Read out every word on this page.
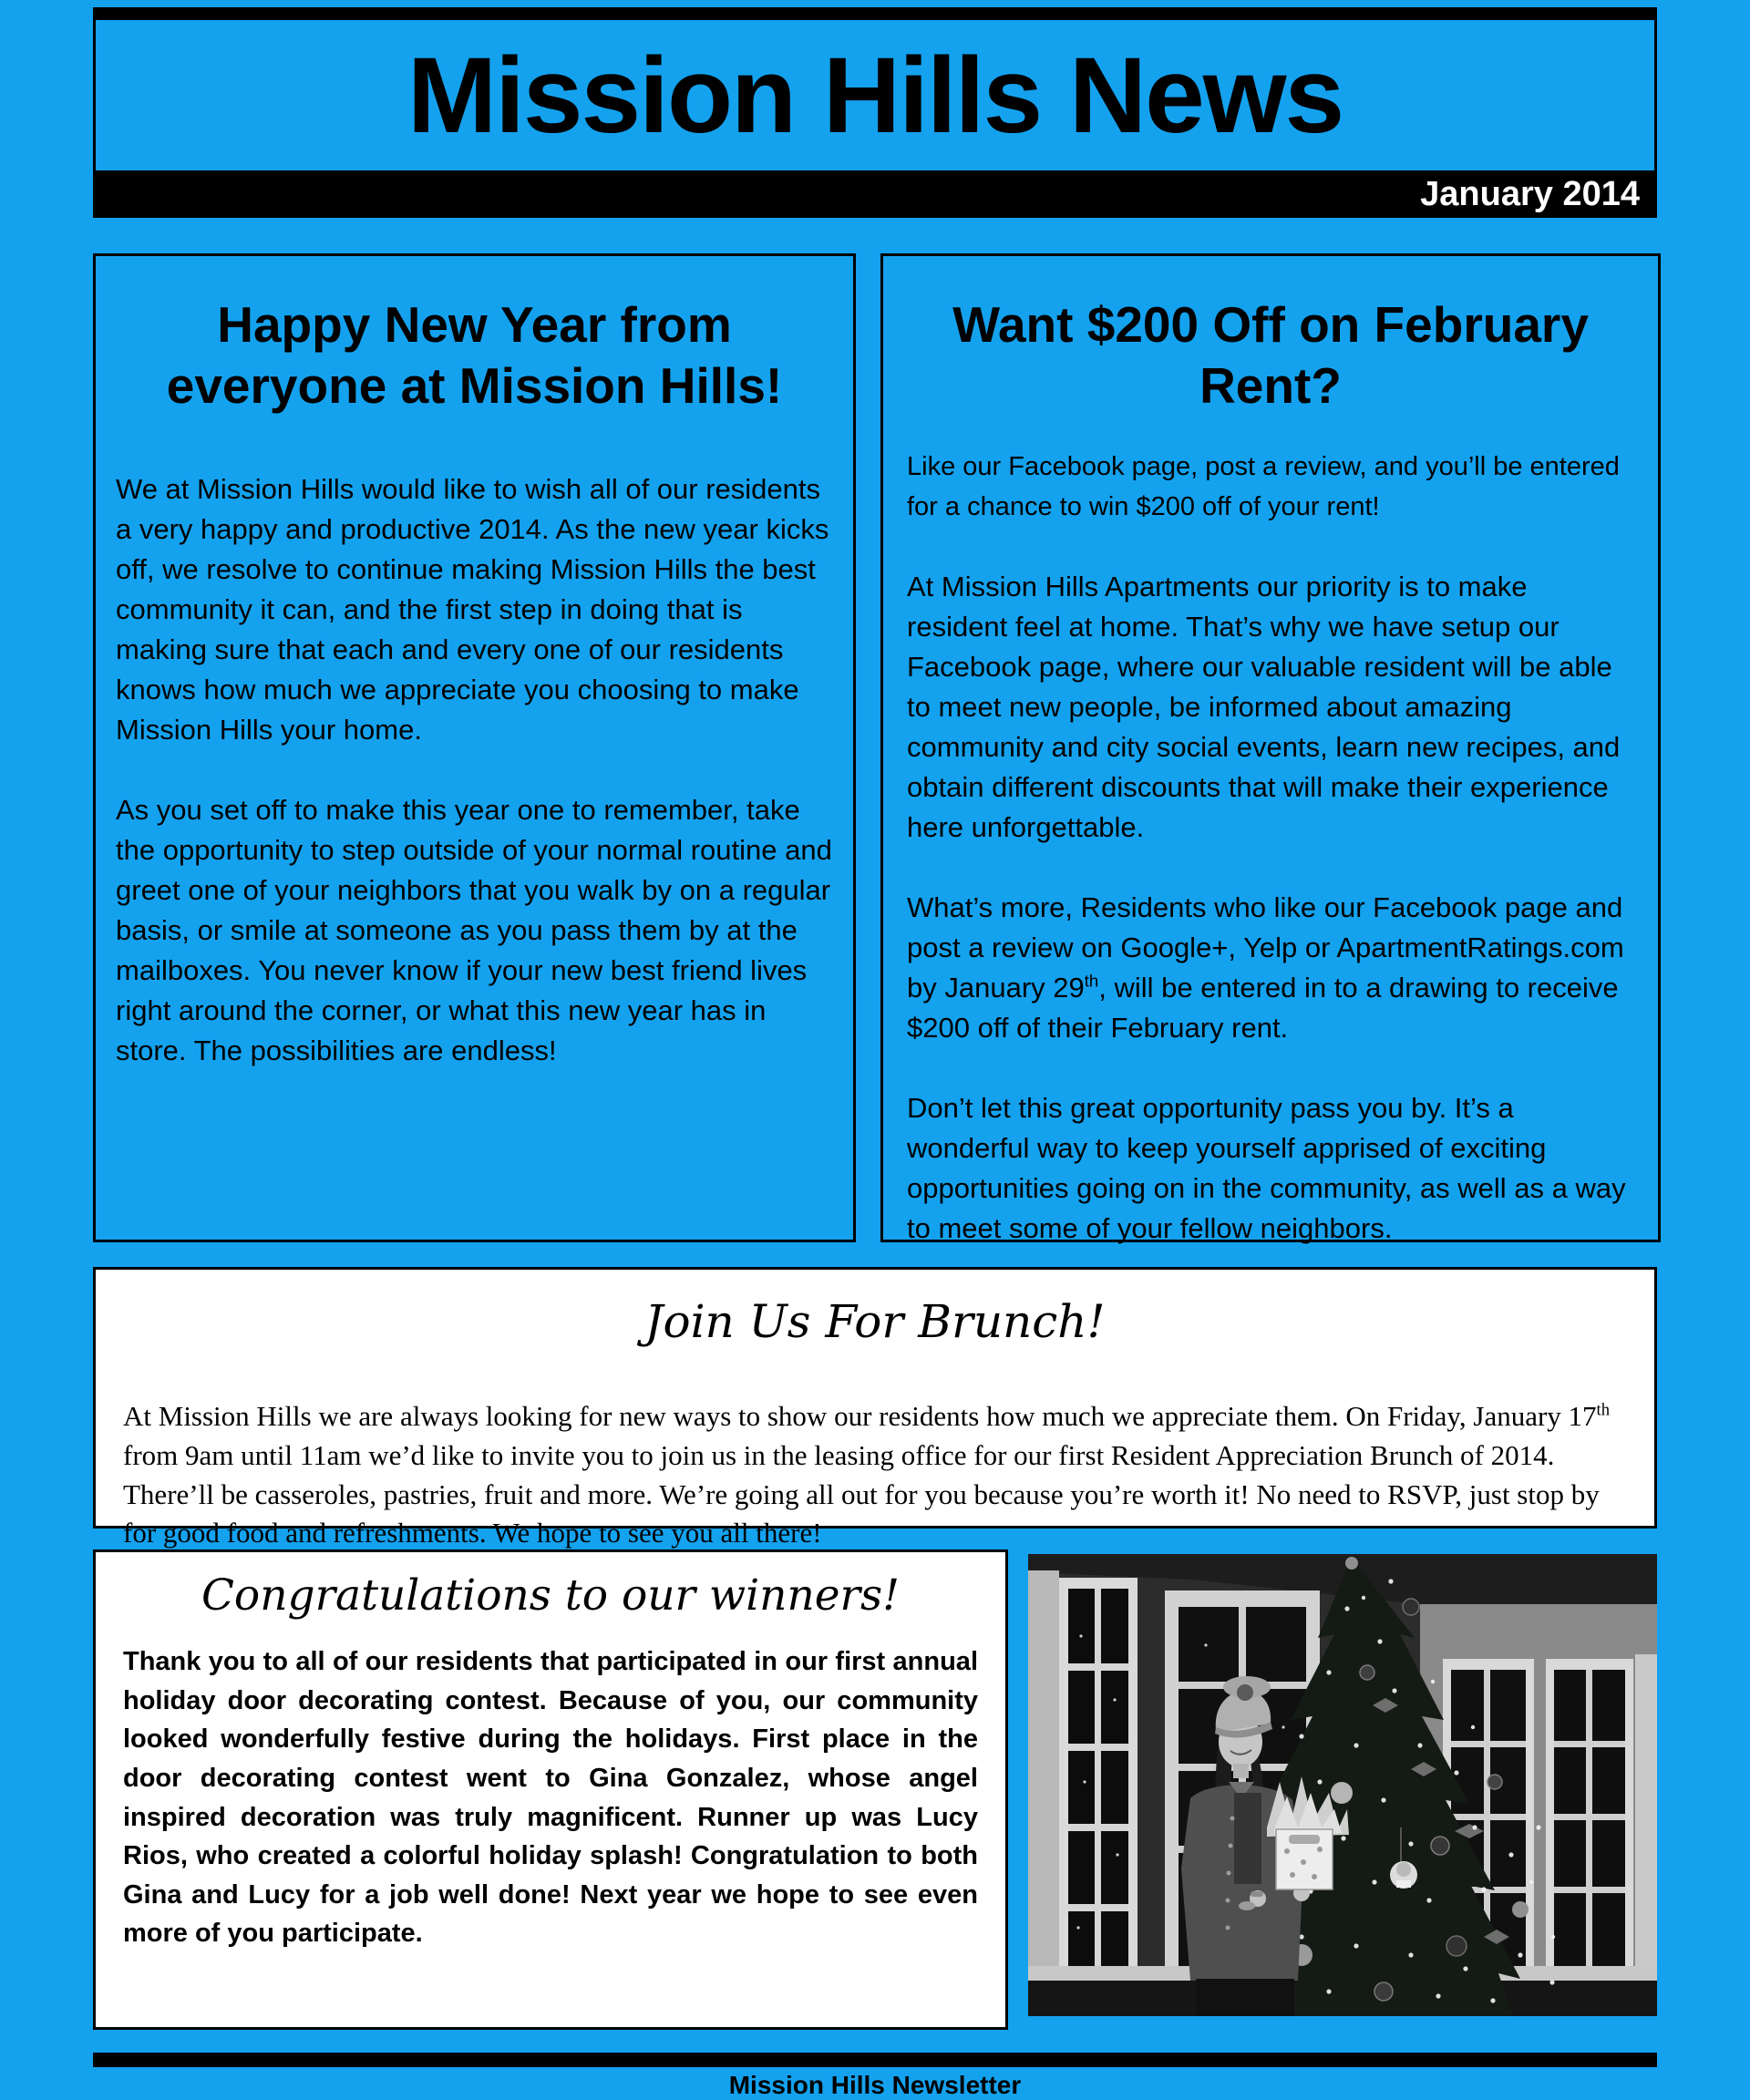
Mission Hills News
January 2014
Happy New Year from everyone at Mission Hills!

We at Mission Hills would like to wish all of our residents a very happy and productive 2014. As the new year kicks off, we resolve to continue making Mission Hills the best community it can, and the first step in doing that is making sure that each and every one of our residents knows how much we appreciate you choosing to make Mission Hills your home.

As you set off to make this year one to remember, take the opportunity to step outside of your normal routine and greet one of your neighbors that you walk by on a regular basis, or smile at someone as you pass them by at the mailboxes. You never know if your new best friend lives right around the corner, or what this new year has in store. The possibilities are endless!

Want $200 Off on February Rent?

Like our Facebook page, post a review, and you’ll be entered for a chance to win $200 off of your rent!

At Mission Hills Apartments our priority is to make resident feel at home. That’s why we have setup our Facebook page, where our valuable resident will be able to meet new people, be informed about amazing community and city social events, learn new recipes, and obtain different discounts that will make their experience here unforgettable.

What’s more, Residents who like our Facebook page and post a review on Google+, Yelp or ApartmentRatings.com by January 29th, will be entered in to a drawing to receive $200 off of their February rent.

Don’t let this great opportunity pass you by. It’s a wonderful way to keep yourself apprised of exciting opportunities going on in the community, as well as a way to meet some of your fellow neighbors.

Join Us For Brunch!

At Mission Hills we are always looking for new ways to show our residents how much we appreciate them. On Friday, January 17th from 9am until 11am we’d like to invite you to join us in the leasing office for our first Resident Appreciation Brunch of 2014. There’ll be casseroles, pastries, fruit and more. We’re going all out for you because you’re worth it! No need to RSVP, just stop by for good food and refreshments. We hope to see you all there!

Congratulations to our winners!

Thank you to all of our residents that participated in our first annual holiday door decorating contest. Because of you, our community looked wonderfully festive during the holidays. First place in the door decorating contest went to Gina Gonzalez, whose angel inspired decoration was truly magnificent. Runner up was Lucy Rios, who created a colorful holiday splash! Congratulation to both Gina and Lucy for a job well done! Next year we hope to see even more of you participate.

Mission Hills Newsletter
